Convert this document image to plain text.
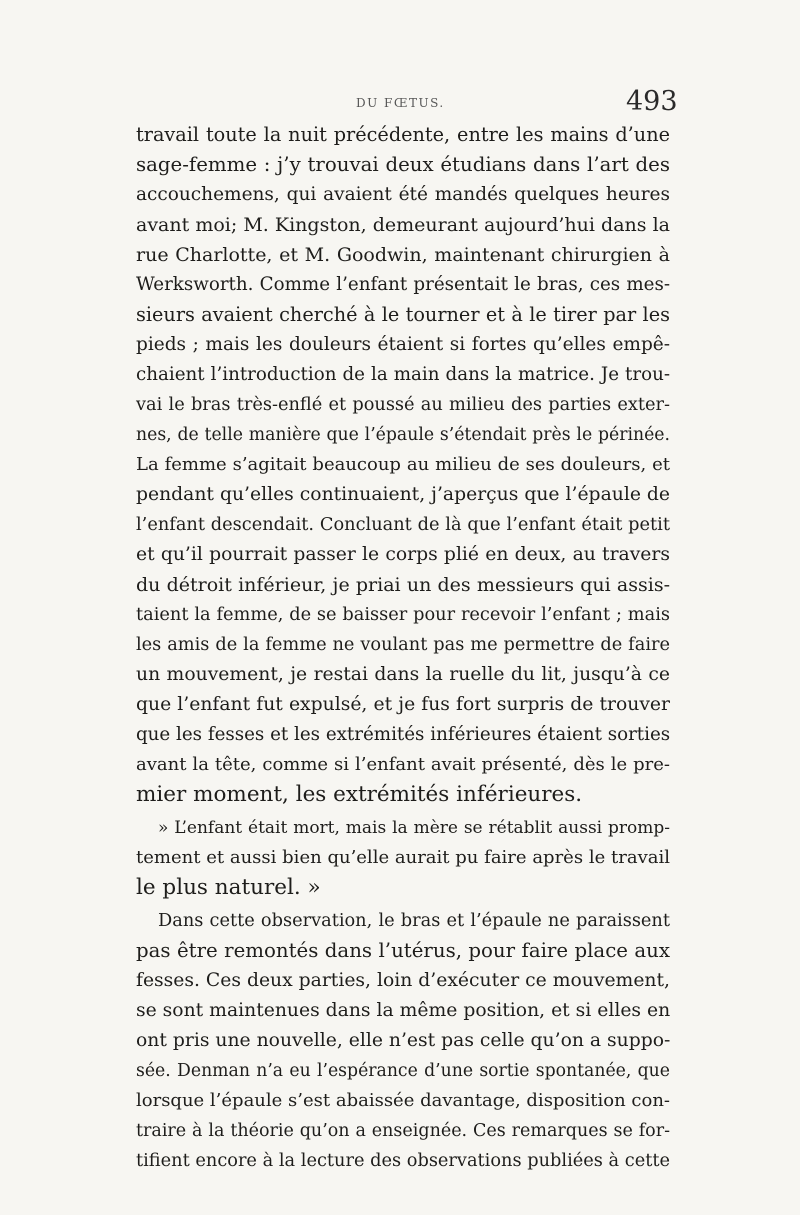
DU FŒTUS.	493
travail toute la nuit précédente, entre les mains d’une
sage-femme : j’y trouvai deux étudians dans l’art des
accouchemens, qui avaient été mandés quelques heures
avant moi; M. Kingston, demeurant aujourd’hui dans la
rue Charlotte, et M. Goodwin, maintenant chirurgien à
Werksworth. Comme l’enfant présentait le bras, ces mes-
sieurs avaient cherché à le tourner et à le tirer par les
pieds ; mais les douleurs étaient si fortes qu’elles empê-
chaient l’introduction de la main dans la matrice. Je trou-
vai le bras très-enflé et poussé au milieu des parties exter-
nes, de telle manière que l’épaule s’étendait près le périnée.
La femme s’agitait beaucoup au milieu de ses douleurs, et
pendant qu’elles continuaient, j’aperçus que l’épaule de
l’enfant descendait. Concluant de là que l’enfant était petit
et qu’il pourrait passer le corps plié en deux, au travers
du détroit inférieur, je priai un des messieurs qui assis-
taient la femme, de se baisser pour recevoir l’enfant ; mais
les amis de la femme ne voulant pas me permettre de faire
un mouvement, je restai dans la ruelle du lit, jusqu’à ce
que l’enfant fut expulsé, et je fus fort surpris de trouver
que les fesses et les extrémités inférieures étaient sorties
avant la tête, comme si l’enfant avait présenté, dès le pre-
mier moment, les extrémités inférieures.
» L’enfant était mort, mais la mère se rétablit aussi promp-
tement et aussi bien qu’elle aurait pu faire après le travail
le plus naturel. »
Dans cette observation, le bras et l’épaule ne paraissent
pas être remontés dans l’utérus, pour faire place aux
fesses. Ces deux parties, loin d’exécuter ce mouvement,
se sont maintenues dans la même position, et si elles en
ont pris une nouvelle, elle n’est pas celle qu’on a suppo-
sée. Denman n’a eu l’espérance d’une sortie spontanée, que
lorsque l’épaule s’est abaissée davantage, disposition con-
traire à la théorie qu’on a enseignée. Ces remarques se for-
tifient encore à la lecture des observations publiées à cette
